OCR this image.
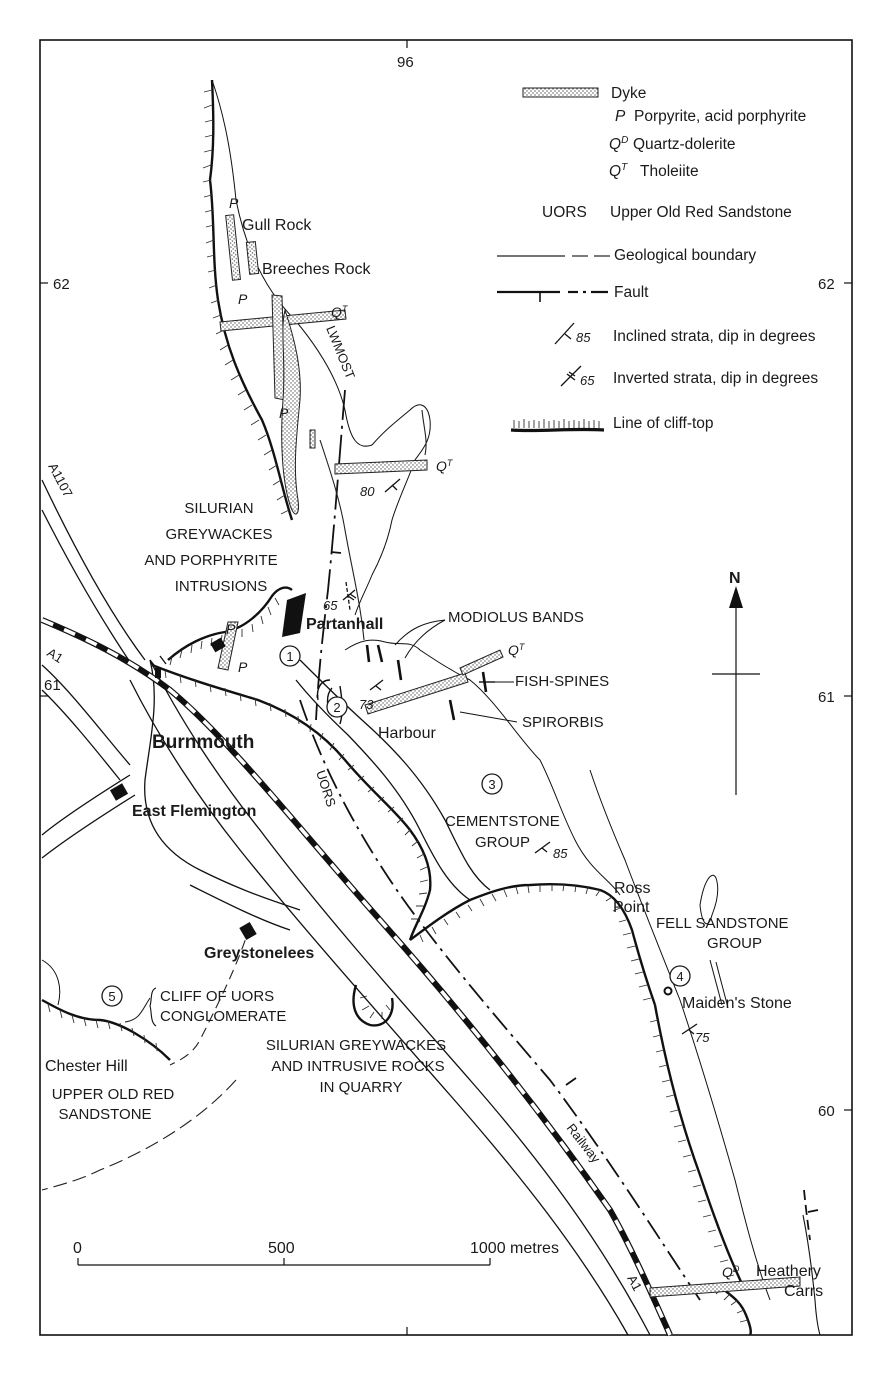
96
62	62
61
61
60
Dyke
P Porpyrite, acid porphyrite
$Q^D$ Quartz-dolerite
$Q^T$ Tholeiite
UORS Upper Old Red Sandstone
Geological boundary
Fault
85 Inclined strata, dip in degrees
65 Inverted strata, dip in degrees
Line of cliff-top
N
0	500	1000 metres
1
2
3
4
5
Gull Rock
Breeches Rock
LWMOST
Partanhall
Burnmouth	Harbour
East Flemington
Greystonelees
Chester Hill
Ross
Point
Maiden's Stone
Heathery
Carrs
Railway
A1107
A1
A1
UORS
SILURIAN
GREYWACKES
AND PORPHYRITE
INTRUSIONS
MODIOLUS BANDS
FISH-SPINES
SPIRORBIS
CEMENTSTONE
GROUP
FELL SANDSTONE
GROUP
CLIFF OF UORS
CONGLOMERATE
UPPER OLD RED
SANDSTONE
SILURIAN GREYWACKES
AND INTRUSIVE ROCKS
IN QUARRY
P
P
P
P
P
$Q^T$
$Q^T$
$Q^T$
$Q^D$
80
65
73
85
75
